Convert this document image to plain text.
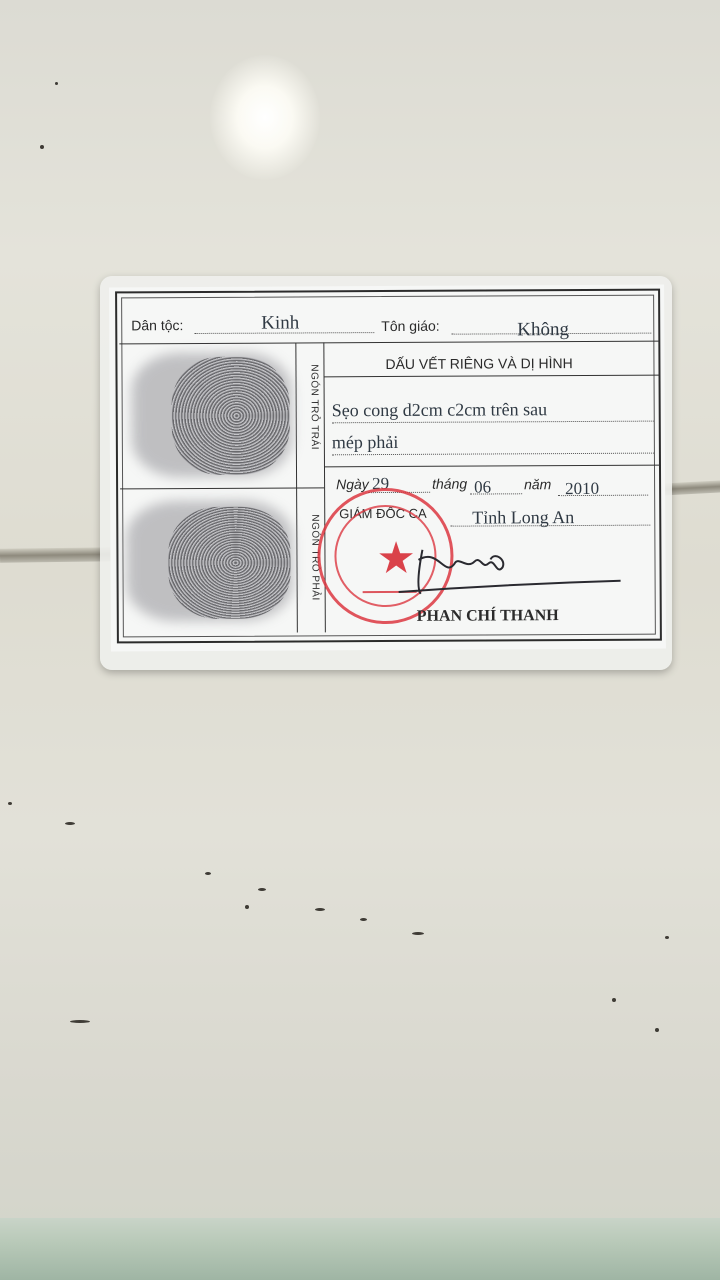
Dân tộc:	Kinh	Tôn giáo:	Không
NGÓN TRỎ TRÁI
NGÓN TRỎ PHẢI
DẤU VẾT RIÊNG VÀ DỊ HÌNH
Sẹo cong d2cm c2cm trên sau
mép phải
Ngày 29	tháng 06 năm 2010
GIÁM ĐỐC CA	Tỉnh Long An
★
PHAN CHÍ THANH
